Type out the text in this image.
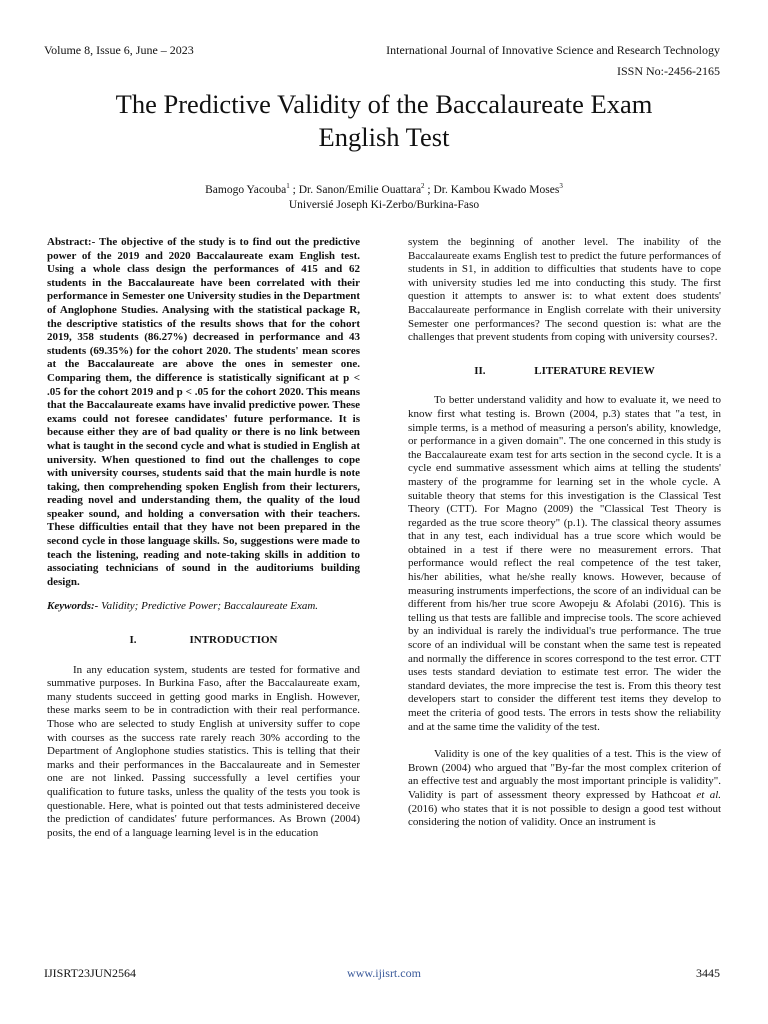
Volume 8, Issue 6, June – 2023	International Journal of Innovative Science and Research Technology
ISSN No:-2456-2165
The Predictive Validity of the Baccalaureate Exam
English Test
Bamogo Yacouba$^1$ ; Dr. Sanon/Emilie Ouattara$^2$ ; Dr. Kambou Kwado Moses$^3$
Universié Joseph Ki-Zerbo/Burkina-Faso

Abstract:- The objective of the study is to find out the predictive power of the 2019 and 2020 Baccalaureate exam English test. Using a whole class design the performances of 415 and 62 students in the Baccalaureate have been correlated with their performance in Semester one University studies in the Department of Anglophone Studies. Analysing with the statistical package R, the descriptive statistics of the results shows that for the cohort 2019, 358 students (86.27%) decreased in performance and 43 students (69.35%) for the cohort 2020. The students' mean scores at the Baccalaureate are above the ones in semester one. Comparing them, the difference is statistically significant at p < .05 for the cohort 2019 and p < .05 for the cohort 2020. This means that the Baccalaureate exams have invalid predictive power. These exams could not foresee candidates' future performance. It is because either they are of bad quality or there is no link between what is taught in the second cycle and what is studied in English at university. When questioned to find out the challenges to cope with university courses, students said that the main hurdle is note taking, then comprehending spoken English from their lecturers, reading novel and understanding them, the quality of the loud speaker sound, and holding a conversation with their teachers. These difficulties entail that they have not been prepared in the second cycle in those language skills. So, suggestions were made to teach the listening, reading and note-taking skills in addition to associating technicians of sound in the auditoriums building design.

Keywords:- Validity; Predictive Power; Baccalaureate Exam.

I.	INTRODUCTION

In any education system, students are tested for formative and summative purposes. In Burkina Faso, after the Baccalaureate exam, many students succeed in getting good marks in English. However, these marks seem to be in contradiction with their real performance. Those who are selected to study English at university suffer to cope with courses as the success rate rarely reach 30% according to the Department of Anglophone studies statistics. This is telling that their marks and their performances in the Baccalaureate and in Semester one are not linked. Passing successfully a level certifies your qualification to future tasks, unless the quality of the tests you took is questionable. Here, what is pointed out that tests administered deceive the prediction of candidates' future performances. As Brown (2004) posits, the end of a language learning level is in the education

system the beginning of another level. The inability of the Baccalaureate exams English test to predict the future performances of students in S1, in addition to difficulties that students have to cope with university studies led me into conducting this study. The first question it attempts to answer is: to what extent does students' Baccalaureate performance in English correlate with their university Semester one performances? The second question is: what are the challenges that prevent students from coping with university courses?.

II.	LITERATURE REVIEW

To better understand validity and how to evaluate it, we need to know first what testing is. Brown (2004, p.3) states that "a test, in simple terms, is a method of measuring a person's ability, knowledge, or performance in a given domain". The one concerned in this study is the Baccalaureate exam test for arts section in the second cycle. It is a cycle end summative assessment which aims at telling the students' mastery of the programme for learning set in the whole cycle. A suitable theory that stems for this investigation is the Classical Test Theory (CTT). For Magno (2009) the "Classical Test Theory is regarded as the true score theory" (p.1). The classical theory assumes that in any test, each individual has a true score which would be obtained in a test if there were no measurement errors. That performance would reflect the real competence of the test taker, his/her abilities, what he/she really knows. However, because of measuring instruments imperfections, the score of an individual can be different from his/her true score Awopeju & Afolabi (2016). This is telling us that tests are fallible and imprecise tools. The score achieved by an individual is rarely the individual's true performance. The true score of an individual will be constant when the same test is repeated and normally the difference in scores correspond to the test error. CTT uses tests standard deviation to estimate test error. The wider the standard deviates, the more imprecise the test is. From this theory test developers start to consider the different test items they develop to meet the criteria of good tests. The errors in tests show the reliability and at the same time the validity of the test.

Validity is one of the key qualities of a test. This is the view of Brown (2004) who argued that "By-far the most complex criterion of an effective test and arguably the most important principle is validity". Validity is part of assessment theory expressed by Hathcoat et al. (2016) who states that it is not possible to design a good test without considering the notion of validity. Once an instrument is

IJISRT23JUN2564	www.ijisrt.com	3445
